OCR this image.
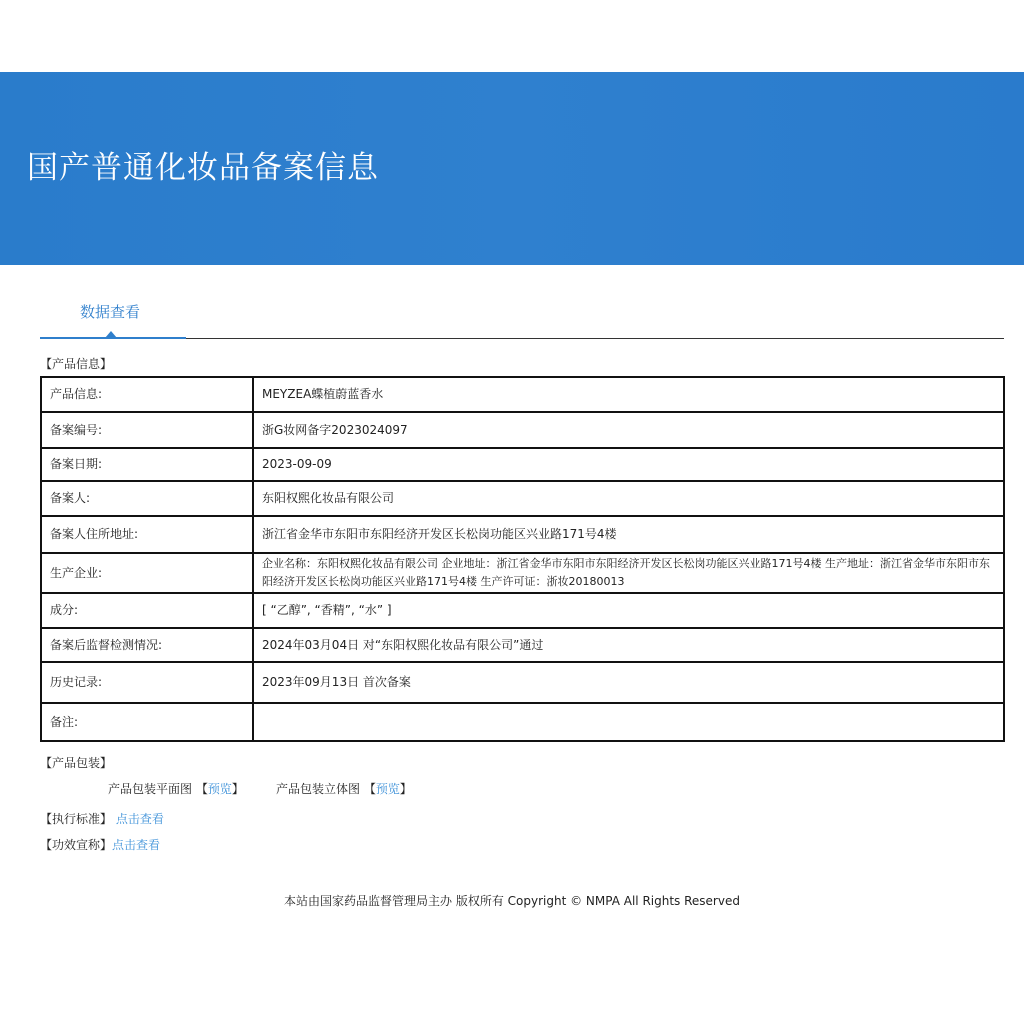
国产普通化妆品备案信息
数据查看
【产品信息】
产品信息:	MEYZEA蝶植蔚蓝香水
备案编号:	浙G妆网备字2023024097
备案日期:	2023-09-09
备案人:	东阳权熙化妆品有限公司
备案人住所地址:	浙江省金华市东阳市东阳经济开发区长松岗功能区兴业路171号4楼
生产企业:	企业名称：东阳权熙化妆品有限公司 企业地址：浙江省金华市东阳市东阳经济开发区长松岗功能区兴业路171号4楼 生产地址：浙江省金华市东阳市东阳经济开发区长松岗功能区兴业路171号4楼 生产许可证：浙妆20180013
成分:	[ “乙醇”, “香精”, “水” ]
备案后监督检测情况:	2024年03月04日 对“东阳权熙化妆品有限公司”通过
历史记录:	2023年09月13日 首次备案
备注:	
【产品包装】
产品包装平面图 【预览】	产品包装立体图 【预览】
【执行标准】 点击查看
【功效宣称】点击查看
本站由国家药品监督管理局主办 版权所有 Copyright © NMPA All Rights Reserved
